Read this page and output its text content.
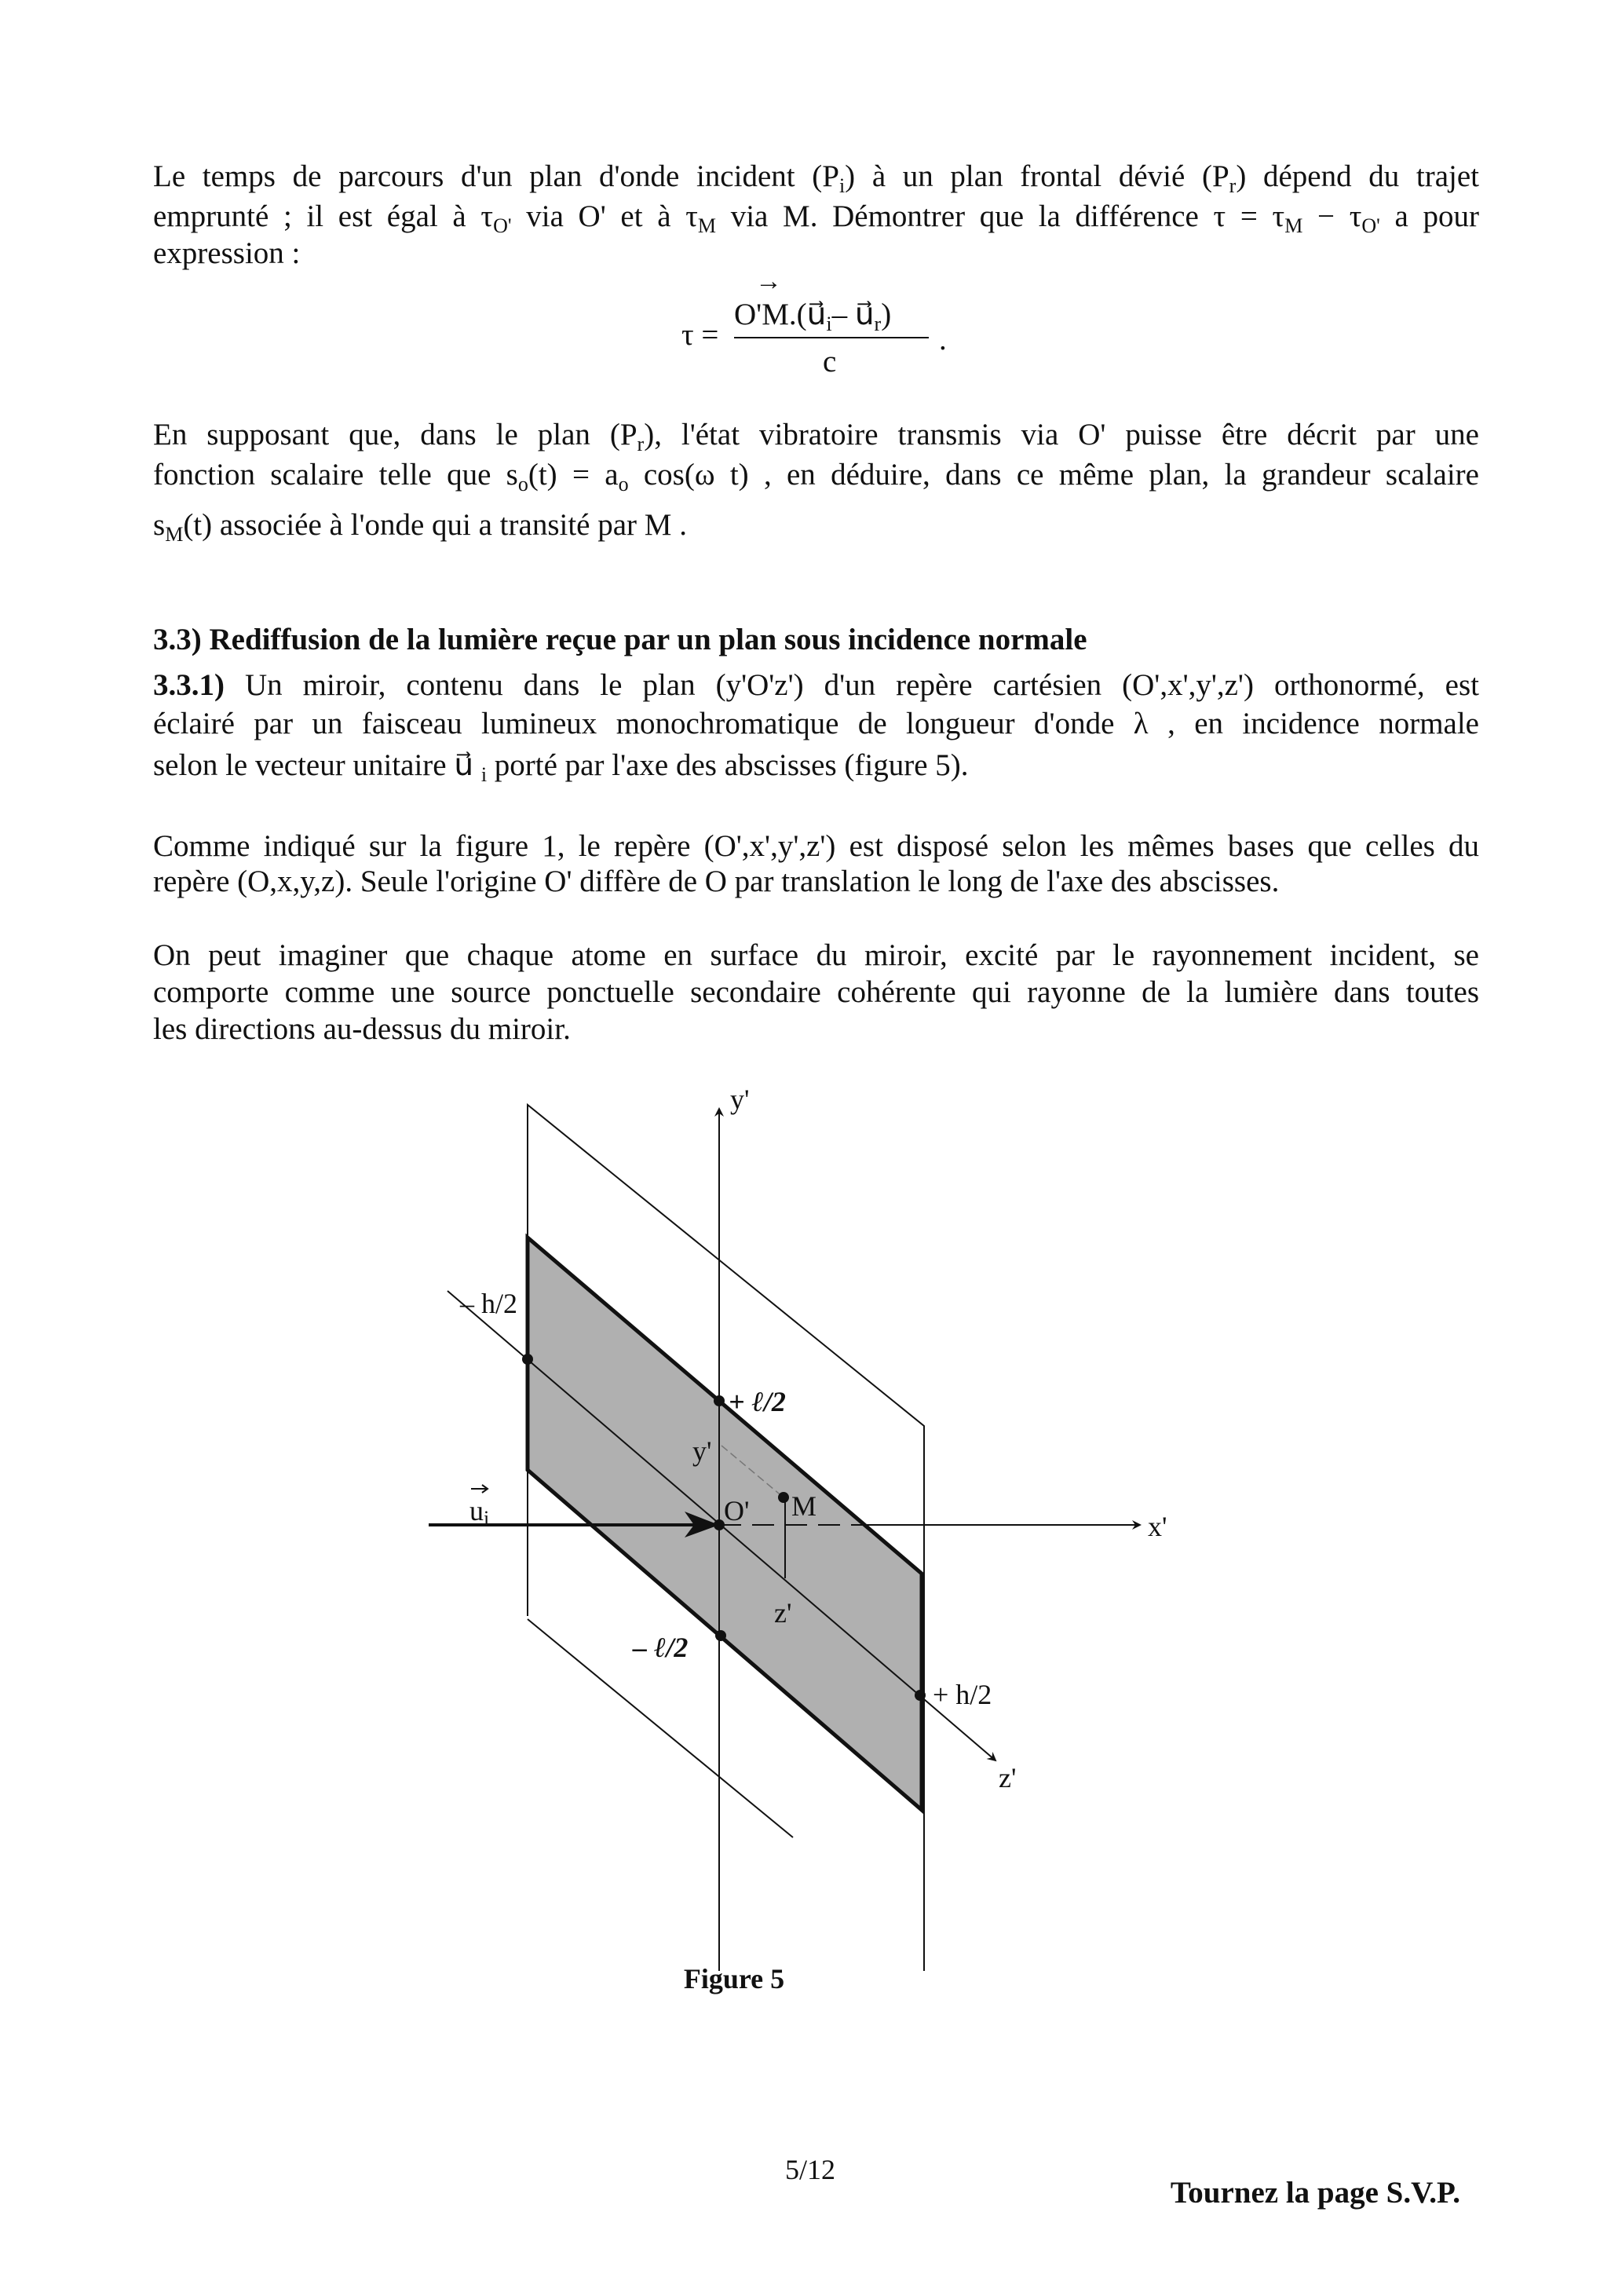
Le temps de parcours d'un plan d'onde incident $(P_i)$ à un plan frontal dévié $(P_r)$ dépend du trajet
emprunté ; il est égal à $\tau_{O'}$ via O' et à $\tau_M$ via M. Démontrer que la différence $\tau = \tau_M - \tau_{O'}$ a pour
expression :
τ =
→
$O'M.(u⃗_i-$ $u⃗_r$)
c
.
En supposant que, dans le plan $(P_r)$, l'état vibratoire transmis via O' puisse être décrit par une
fonction scalaire telle que $s_o(t) = a_o$ cos(ω t) , en déduire, dans ce même plan, la grandeur scalaire
$s_M(t)$ associée à l'onde qui a transité par M .
3.3) Rediffusion de la lumière reçue par un plan sous incidence normale
3.3.1) Un miroir, contenu dans le plan (y'O'z') d'un repère cartésien (O',x',y',z') orthonormé, est
éclairé par un faisceau lumineux monochromatique de longueur d'onde λ , en incidence normale
selon le vecteur unitaire u⃗ $_i$ porté par l'axe des abscisses (figure 5).
Comme indiqué sur la figure 1, le repère (O',x',y',z') est disposé selon les mêmes bases que celles du
repère (O,x,y,z). Seule l'origine O' diffère de O par translation le long de l'axe des abscisses.
On peut imaginer que chaque atome en surface du miroir, excité par le rayonnement incident, se
comporte comme une source ponctuelle secondaire cohérente qui rayonne de la lumière dans toutes
les directions au-dessus du miroir.
y'
x'
z'
– h/2
+ h/2
+ ℓ/2
– ℓ/2
y'
z'
O' M
ui
Figure 5
5/12
Tournez la page S.V.P.
